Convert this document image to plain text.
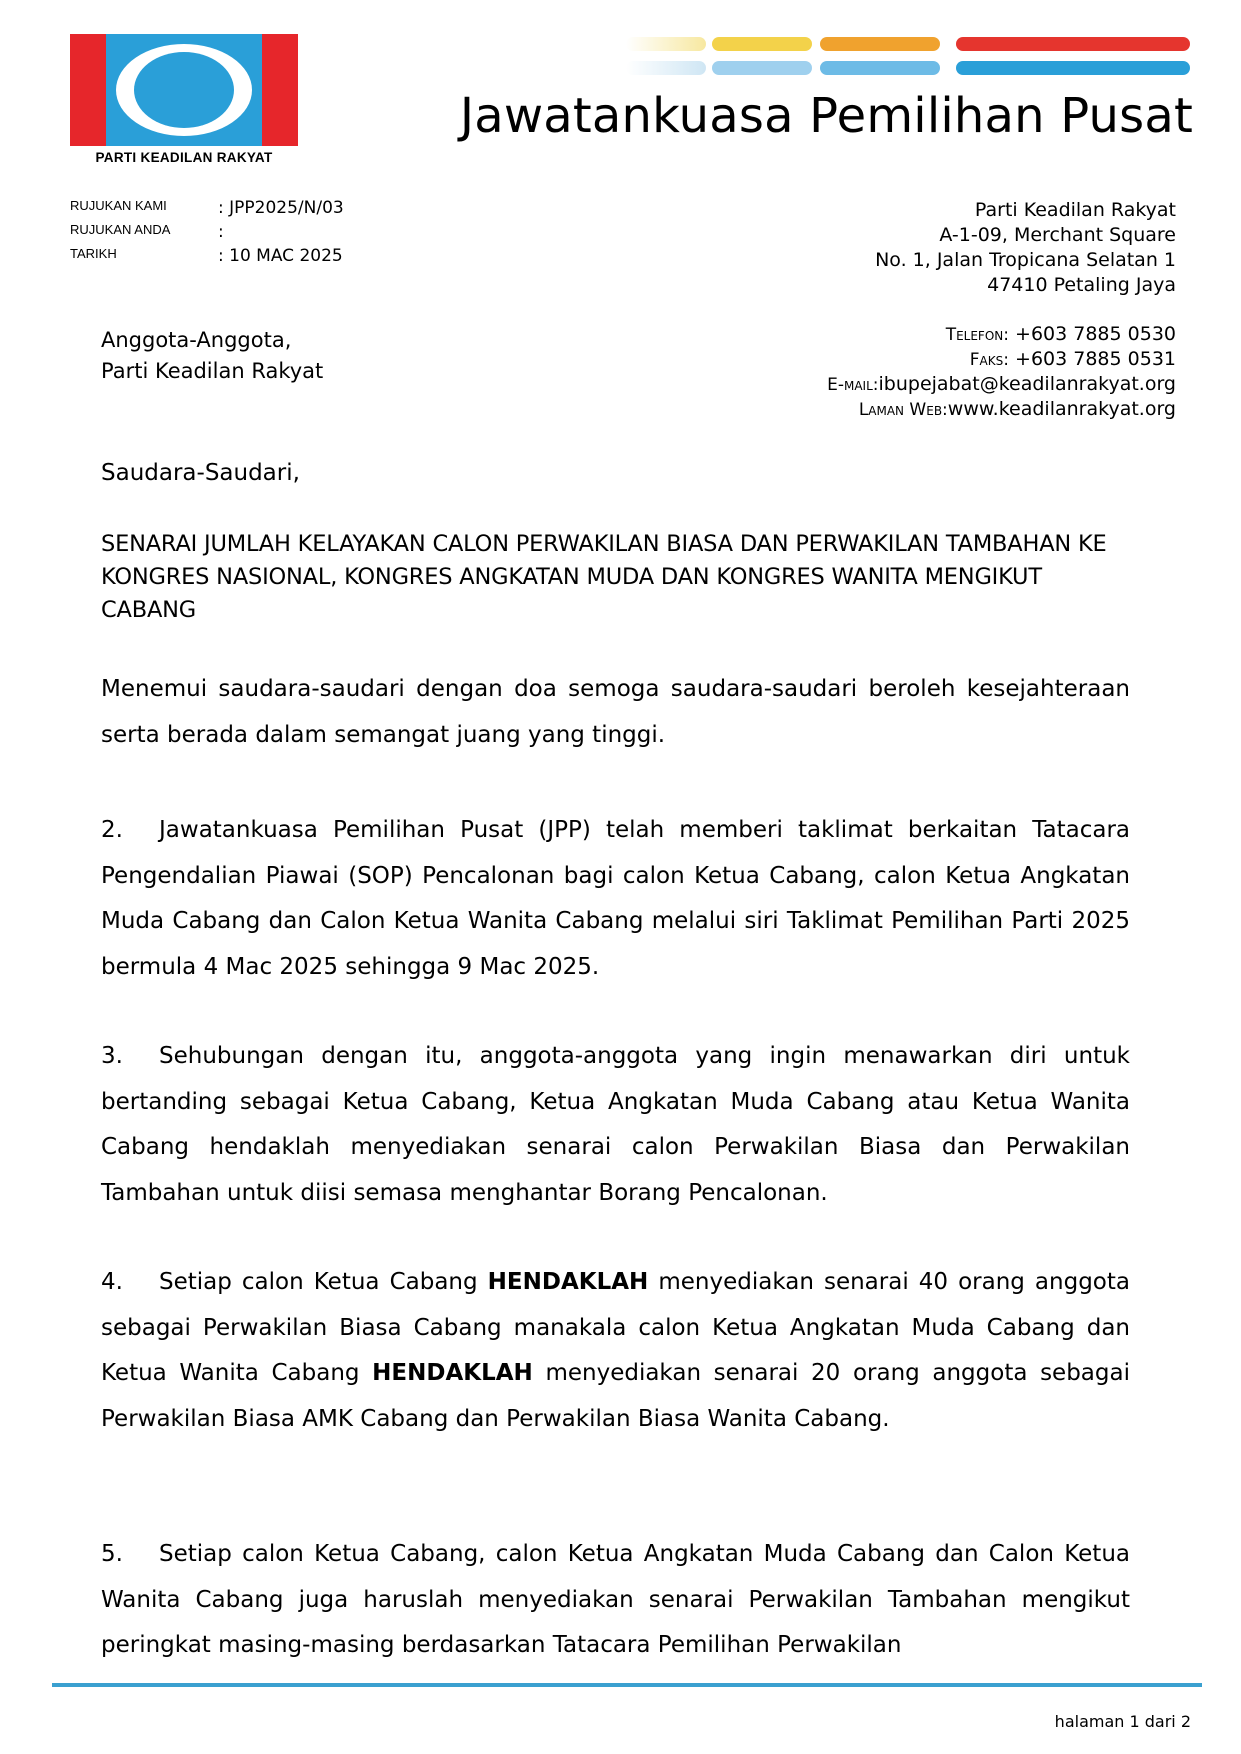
PARTI KEADILAN RAKYAT
Jawatankuasa Pemilihan Pusat
RUJUKAN KAMI	: JPP2025/N/03
RUJUKAN ANDA	:
TARIKH	: 10 MAC 2025
Parti Keadilan Rakyat
A-1-09, Merchant Square
No. 1, Jalan Tropicana Selatan 1
47410 Petaling Jaya
Telefon: +603 7885 0530
Faks: +603 7885 0531
E-mail:ibupejabat@keadilanrakyat.org
Laman Web:www.keadilanrakyat.org
Anggota-Anggota,
Parti Keadilan Rakyat
Saudara-Saudari,
SENARAI JUMLAH KELAYAKAN CALON PERWAKILAN BIASA DAN PERWAKILAN TAMBAHAN KE KONGRES NASIONAL, KONGRES ANGKATAN MUDA DAN KONGRES WANITA MENGIKUT CABANG
Menemui saudara-saudari dengan doa semoga saudara-saudari beroleh kesejahteraan serta berada dalam semangat juang yang tinggi.
2. Jawatankuasa Pemilihan Pusat (JPP) telah memberi taklimat berkaitan Tatacara Pengendalian Piawai (SOP) Pencalonan bagi calon Ketua Cabang, calon Ketua Angkatan Muda Cabang dan Calon Ketua Wanita Cabang melalui siri Taklimat Pemilihan Parti 2025 bermula 4 Mac 2025 sehingga 9 Mac 2025.
3. Sehubungan dengan itu, anggota-anggota yang ingin menawarkan diri untuk bertanding sebagai Ketua Cabang, Ketua Angkatan Muda Cabang atau Ketua Wanita Cabang hendaklah menyediakan senarai calon Perwakilan Biasa dan Perwakilan Tambahan untuk diisi semasa menghantar Borang Pencalonan.
4. Setiap calon Ketua Cabang HENDAKLAH menyediakan senarai 40 orang anggota sebagai Perwakilan Biasa Cabang manakala calon Ketua Angkatan Muda Cabang dan Ketua Wanita Cabang HENDAKLAH menyediakan senarai 20 orang anggota sebagai Perwakilan Biasa AMK Cabang dan Perwakilan Biasa Wanita Cabang.
5. Setiap calon Ketua Cabang, calon Ketua Angkatan Muda Cabang dan Calon Ketua Wanita Cabang juga haruslah menyediakan senarai Perwakilan Tambahan mengikut peringkat masing-masing berdasarkan Tatacara Pemilihan Perwakilan
halaman 1 dari 2
